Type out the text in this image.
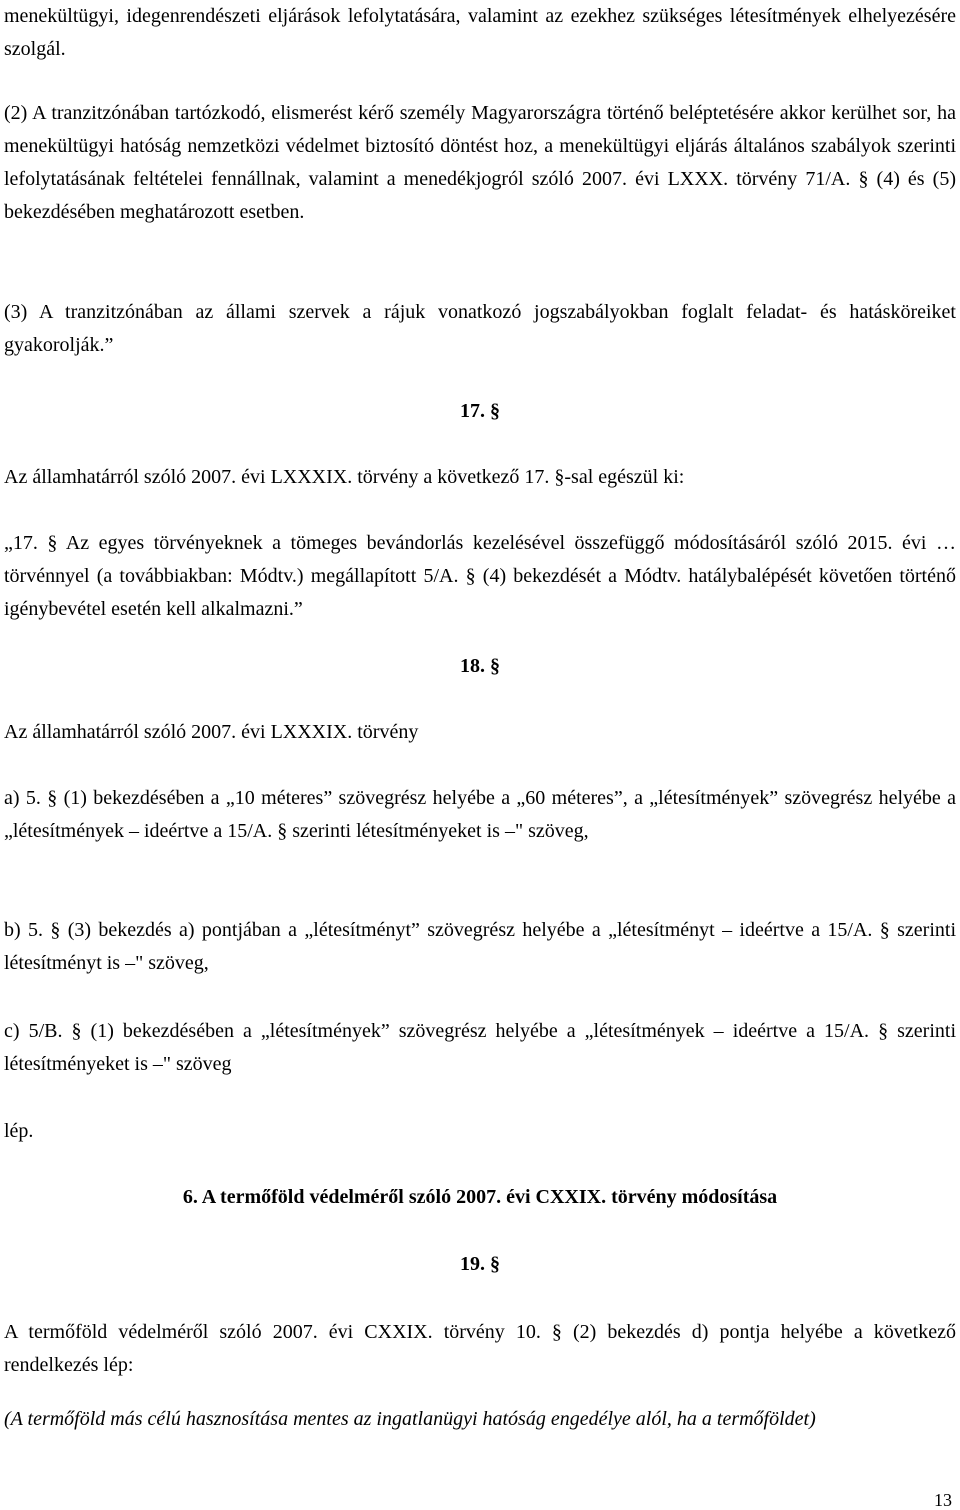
menekültügyi, idegenrendészeti eljárások lefolytatására, valamint az ezekhez szükséges létesítmények elhelyezésére szolgál.

(2) A tranzitzónában tartózkodó, elismerést kérő személy Magyarországra történő beléptetésére akkor kerülhet sor, ha menekültügyi hatóság nemzetközi védelmet biztosító döntést hoz, a menekültügyi eljárás általános szabályok szerinti lefolytatásának feltételei fennállnak, valamint a menedékjogról szóló 2007. évi LXXX. törvény 71/A. § (4) és (5) bekezdésében meghatározott esetben.

(3) A tranzitzónában az állami szervek a rájuk vonatkozó jogszabályokban foglalt feladat- és hatásköreiket gyakorolják.”

17. §

Az államhatárról szóló 2007. évi LXXXIX. törvény a következő 17. §-sal egészül ki:

„17. § Az egyes törvényeknek a tömeges bevándorlás kezelésével összefüggő módosításáról szóló 2015. évi … törvénnyel (a továbbiakban: Módtv.) megállapított 5/A. § (4) bekezdését a Módtv. hatálybalépését követően történő igénybevétel esetén kell alkalmazni.”

18. §

Az államhatárról szóló 2007. évi LXXXIX. törvény

a) 5. § (1) bekezdésében a „10 méteres” szövegrész helyébe a „60 méteres”, a „létesítmények” szövegrész helyébe a „létesítmények – ideértve a 15/A. § szerinti létesítményeket is –" szöveg,

b) 5. § (3) bekezdés a) pontjában a „létesítményt” szövegrész helyébe a „létesítményt – ideértve a 15/A. § szerinti létesítményt is –" szöveg,

c) 5/B. § (1) bekezdésében a „létesítmények” szövegrész helyébe a „létesítmények – ideértve a 15/A. § szerinti létesítményeket is –" szöveg

lép.

6. A termőföld védelméről szóló 2007. évi CXXIX. törvény módosítása

19. §

A termőföld védelméről szóló 2007. évi CXXIX. törvény 10. § (2) bekezdés d) pontja helyébe a következő rendelkezés lép:

(A termőföld más célú hasznosítása mentes az ingatlanügyi hatóság engedélye alól, ha a termőföldet)

13
